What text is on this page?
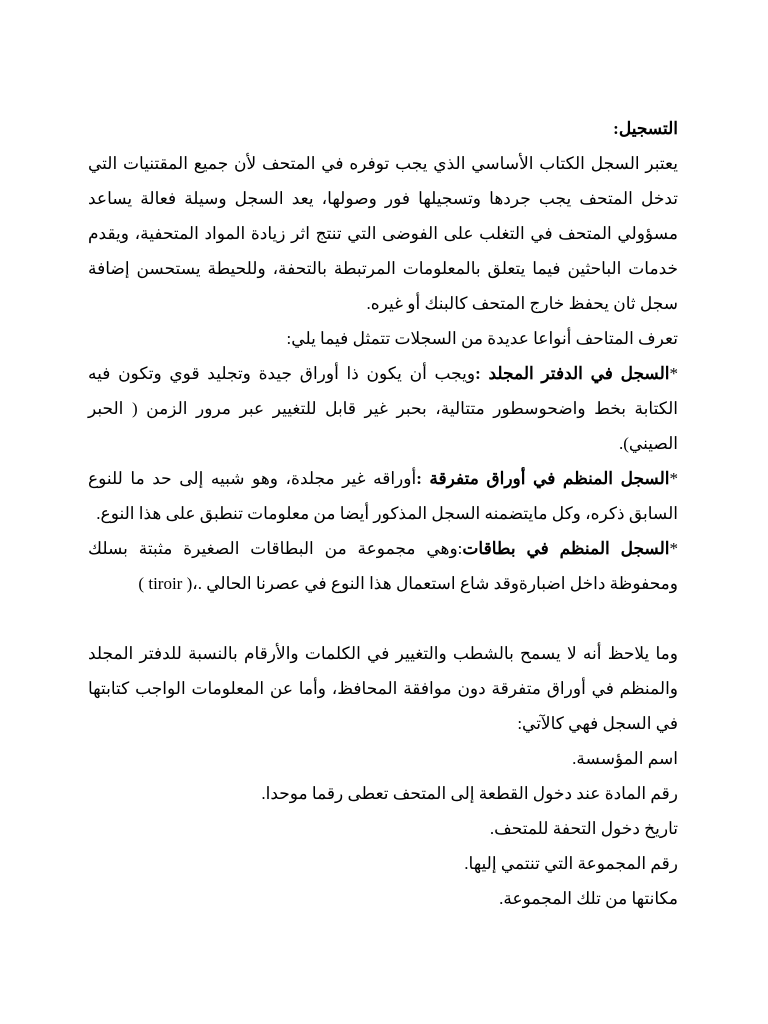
التسجيل:

يعتبر السجل الكتاب الأساسي الذي يجب توفره في المتحف لأن جميع المقتنيات التي تدخل المتحف يجب جردها وتسجيلها فور وصولها، يعد السجل وسيلة فعالة يساعد مسؤولي المتحف في التغلب على الفوضى التي تنتج اثر زيادة المواد المتحفية، ويقدم خدمات الباحثين فيما يتعلق بالمعلومات المرتبطة بالتحفة، وللحيطة يستحسن إضافة سجل ثان يحفظ خارج المتحف كالبنك أو غيره.

تعرف المتاحف أنواعا عديدة من السجلات تتمثل فيما يلي:

*السجل في الدفتر المجلد :ويجب أن يكون ذا أوراق جيدة وتجليد قوي وتكون فيه الكتابة بخط واضحوسطور متتالية، بحبر غير قابل للتغيير عبر مرور الزمن ( الحبر الصيني).

*السجل المنظم في أوراق متفرقة :أوراقه غير مجلدة، وهو شبيه إلى حد ما للنوع السابق ذكره، وكل مايتضمنه السجل المذكور أيضا من معلومات تنطبق على هذا النوع.

*السجل المنظم في بطاقات:وهي مجموعة من البطاقات الصغيرة مثبتة بسلك ومحفوظة داخل اضبارةوقد شاع استعمال هذا النوع في عصرنا الحالي .،( tiroir )

وما يلاحظ أنه لا يسمح بالشطب والتغيير في الكلمات والأرقام بالنسبة للدفتر المجلد والمنظم في أوراق متفرقة دون موافقة المحافظ، وأما عن المعلومات الواجب كتابتها في السجل فهي كالآتي:

اسم المؤسسة.

رقم المادة عند دخول القطعة إلى المتحف تعطى رقما موحدا.

تاريخ دخول التحفة للمتحف.

رقم المجموعة التي تنتمي إليها.

مكانتها من تلك المجموعة.
